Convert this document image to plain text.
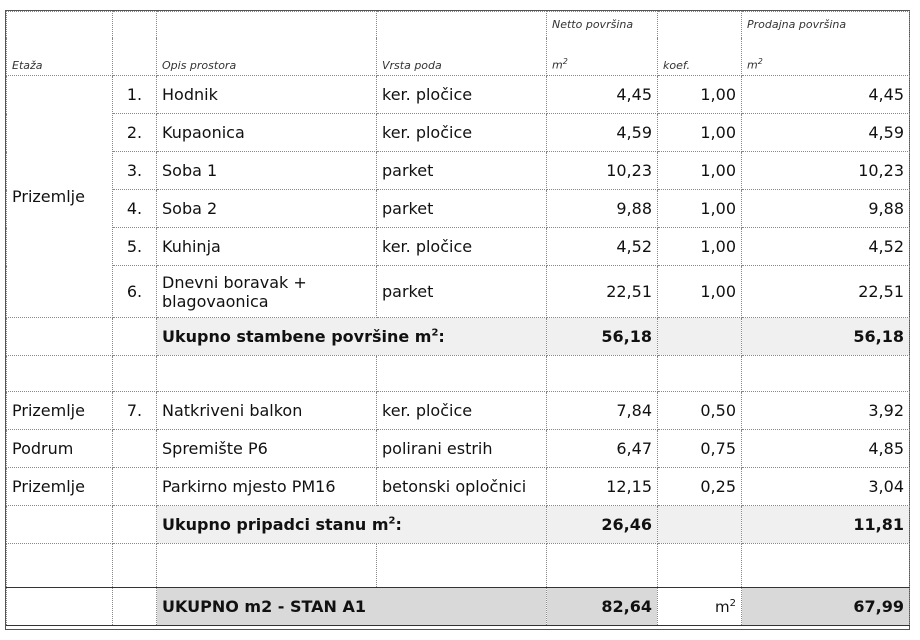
				Netto površina		Prodajna površina
Etaža		Opis prostora	Vrsta poda	$m^2$	koef.	$m^2$
Prizemlje	1.	Hodnik	ker. pločice	4,45	1,00	4,45
	2.	Kupaonica	ker. pločice	4,59	1,00	4,59
	3.	Soba 1	parket	10,23	1,00	10,23
	4.	Soba 2	parket	9,88	1,00	9,88
	5.	Kuhinja	ker. pločice	4,52	1,00	4,52
	6.	Dnevni boravak + blagovaonica	parket	22,51	1,00	22,51
		Ukupno stambene površine $m^2$:		56,18		56,18

Prizemlje	7.	Natkriveni balkon	ker. pločice	7,84	0,50	3,92
Podrum		Spremište P6	polirani estrih	6,47	0,75	4,85
Prizemlje		Parkirno mjesto PM16	betonski opločnici	12,15	0,25	3,04
		Ukupno pripadci stanu $m^2$:		26,46		11,81

		UKUPNO m2 - STAN A1		82,64	$m^2$	67,99
